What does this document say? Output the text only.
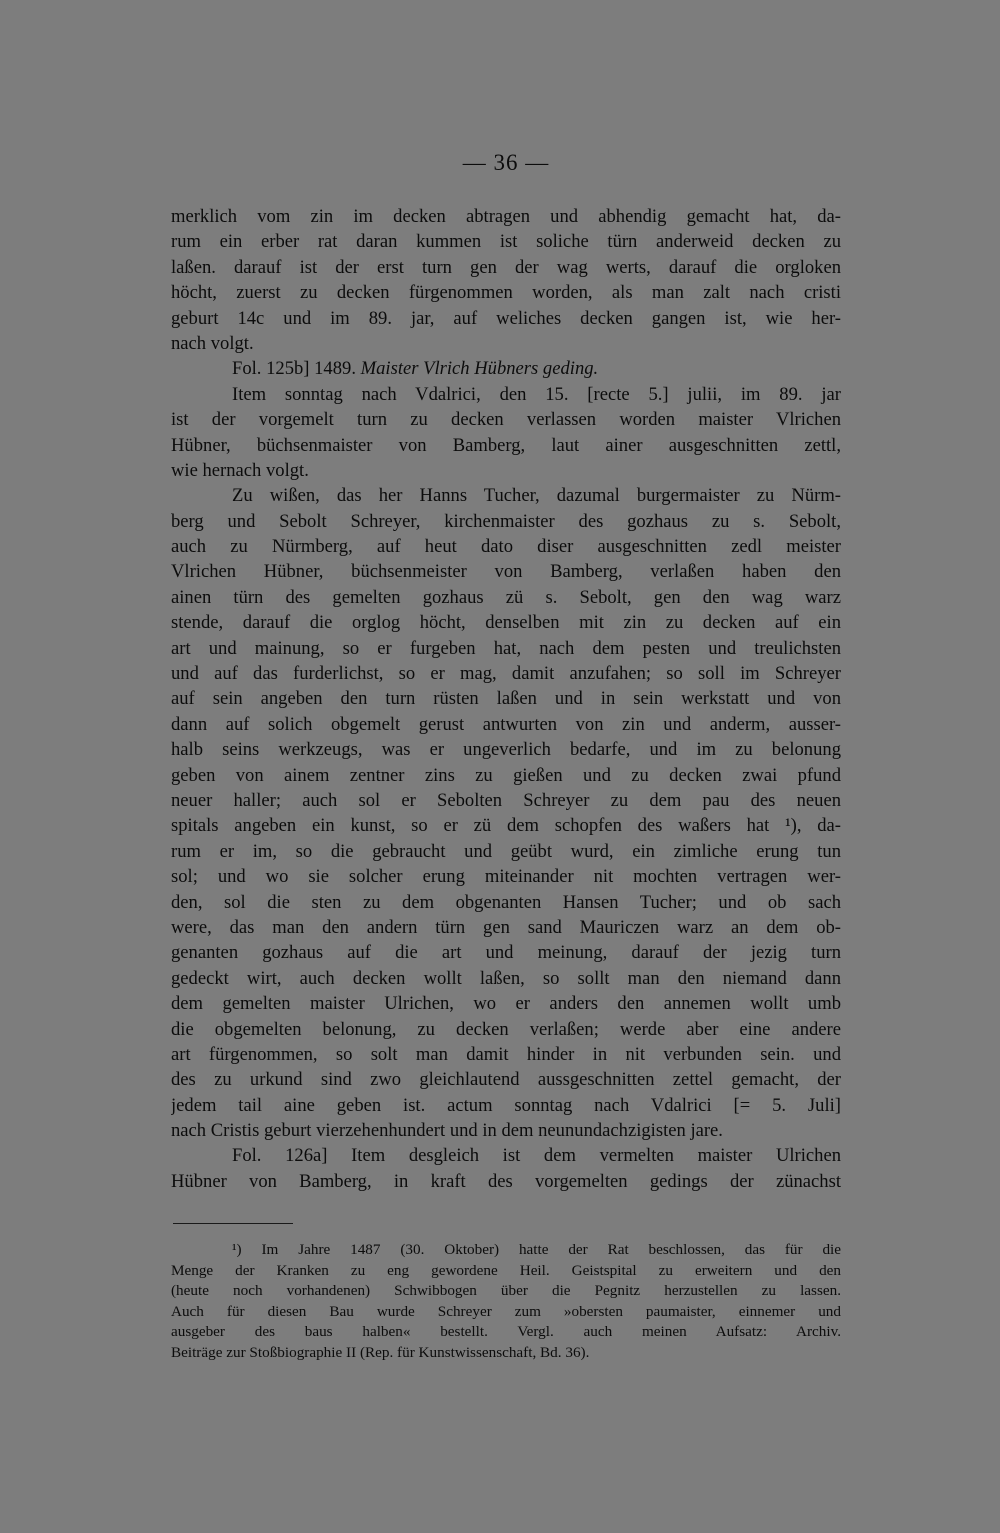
— 36 —
merklich vom zin im decken abtragen und abhendig gemacht hat, da-
rum ein erber rat daran kummen ist soliche türn anderweid decken zu
laßen. darauf ist der erst turn gen der wag werts, darauf die orgloken
höcht, zuerst zu decken fürgenommen worden, als man zalt nach cristi
geburt 14c und im 89. jar, auf weliches decken gangen ist, wie her-
nach volgt.
Fol. 125b] 1489. Maister Vlrich Hübners geding.
Item sonntag nach Vdalrici, den 15. [recte 5.] julii, im 89. jar
ist der vorgemelt turn zu decken verlassen worden maister Vlrichen
Hübner, büchsenmaister von Bamberg, laut ainer ausgeschnitten zettl,
wie hernach volgt.
Zu wißen, das her Hanns Tucher, dazumal burgermaister zu Nürm-
berg und Sebolt Schreyer, kirchenmaister des gozhaus zu s. Sebolt,
auch zu Nürmberg, auf heut dato diser ausgeschnitten zedl meister
Vlrichen Hübner, büchsenmeister von Bamberg, verlaßen haben den
ainen türn des gemelten gozhaus zü s. Sebolt, gen den wag warz
stende, darauf die orglog höcht, denselben mit zin zu decken auf ein
art und mainung, so er furgeben hat, nach dem pesten und treulichsten
und auf das furderlichst, so er mag, damit anzufahen; so soll im Schreyer
auf sein angeben den turn rüsten laßen und in sein werkstatt und von
dann auf solich obgemelt gerust antwurten von zin und anderm, ausser-
halb seins werkzeugs, was er ungeverlich bedarfe, und im zu belonung
geben von ainem zentner zins zu gießen und zu decken zwai pfund
neuer haller; auch sol er Sebolten Schreyer zu dem pau des neuen
spitals angeben ein kunst, so er zü dem schopfen des waßers hat ¹), da-
rum er im, so die gebraucht und geübt wurd, ein zimliche erung tun
sol; und wo sie solcher erung miteinander nit mochten vertragen wer-
den, sol die sten zu dem obgenanten Hansen Tucher; und ob sach
were, das man den andern türn gen sand Mauriczen warz an dem ob-
genanten gozhaus auf die art und meinung, darauf der jezig turn
gedeckt wirt, auch decken wollt laßen, so sollt man den niemand dann
dem gemelten maister Ulrichen, wo er anders den annemen wollt umb
die obgemelten belonung, zu decken verlaßen; werde aber eine andere
art fürgenommen, so solt man damit hinder in nit verbunden sein. und
des zu urkund sind zwo gleichlautend aussgeschnitten zettel gemacht, der
jedem tail aine geben ist. actum sonntag nach Vdalrici [= 5. Juli]
nach Cristis geburt vierzehenhundert und in dem neunundachzigisten jare.
Fol. 126a] Item desgleich ist dem vermelten maister Ulrichen
Hübner von Bamberg, in kraft des vorgemelten gedings der zünachst
¹) Im Jahre 1487 (30. Oktober) hatte der Rat beschlossen, das für die
Menge der Kranken zu eng gewordene Heil. Geistspital zu erweitern und den
(heute noch vorhandenen) Schwibbogen über die Pegnitz herzustellen zu lassen.
Auch für diesen Bau wurde Schreyer zum »obersten paumaister, einnemer und
ausgeber des baus halben« bestellt. Vergl. auch meinen Aufsatz: Archiv.
Beiträge zur Stoßbiographie II (Rep. für Kunstwissenschaft, Bd. 36).
